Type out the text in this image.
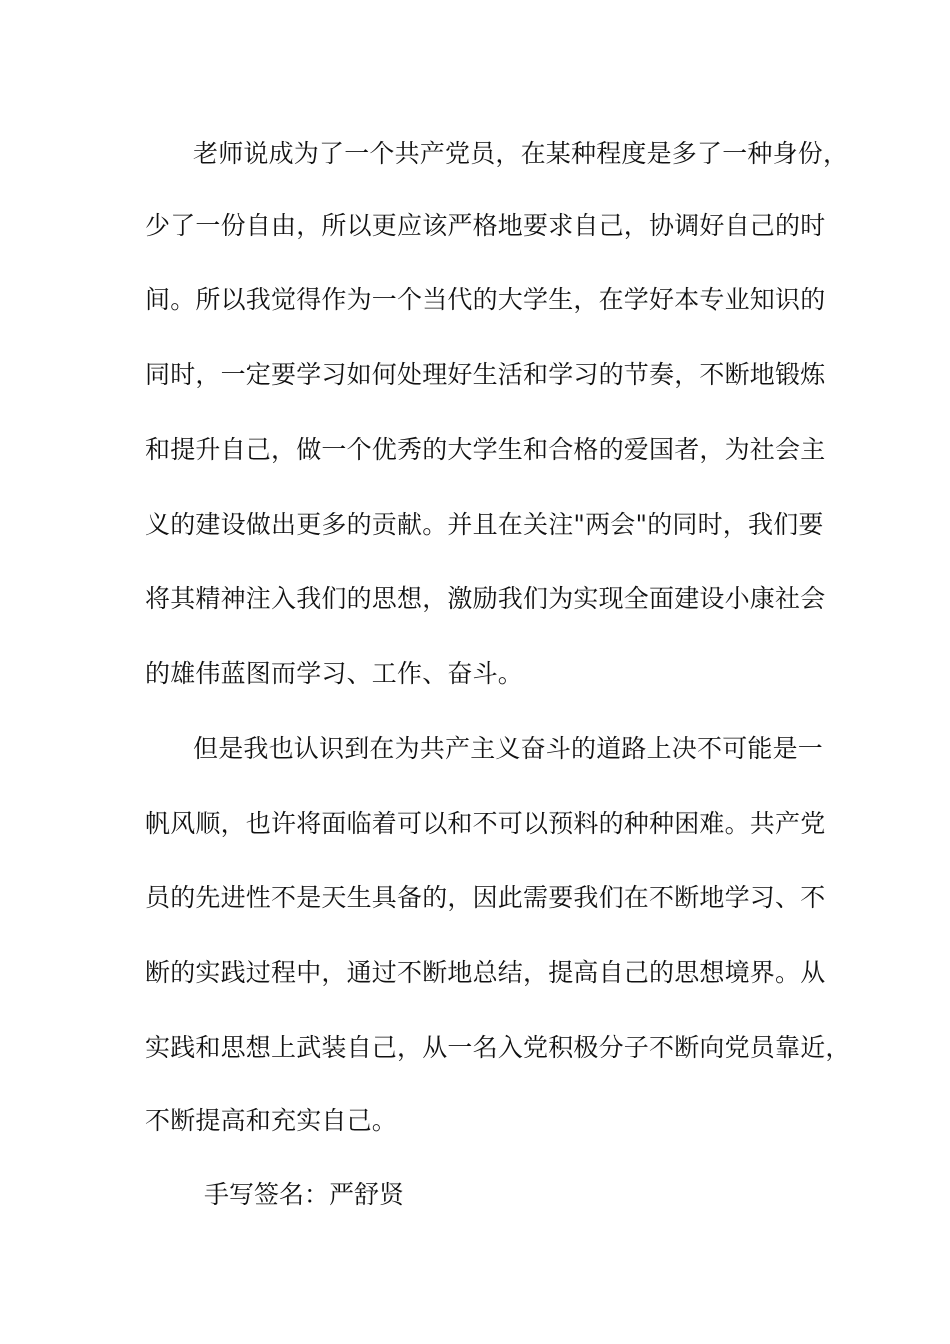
老师说成为了一个共产党员，在某种程度是多了一种身份，
少了一份自由，所以更应该严格地要求自己，协调好自己的时
间。所以我觉得作为一个当代的大学生，在学好本专业知识的
同时，一定要学习如何处理好生活和学习的节奏，不断地锻炼
和提升自己，做一个优秀的大学生和合格的爱国者，为社会主
义的建设做出更多的贡献。并且在关注"两会"的同时，我们要
将其精神注入我们的思想，激励我们为实现全面建设小康社会
的雄伟蓝图而学习、工作、奋斗。
但是我也认识到在为共产主义奋斗的道路上决不可能是一
帆风顺，也许将面临着可以和不可以预料的种种困难。共产党
员的先进性不是天生具备的，因此需要我们在不断地学习、不
断的实践过程中，通过不断地总结，提高自己的思想境界。从
实践和思想上武装自己，从一名入党积极分子不断向党员靠近，
不断提高和充实自己。
手写签名：严舒贤
